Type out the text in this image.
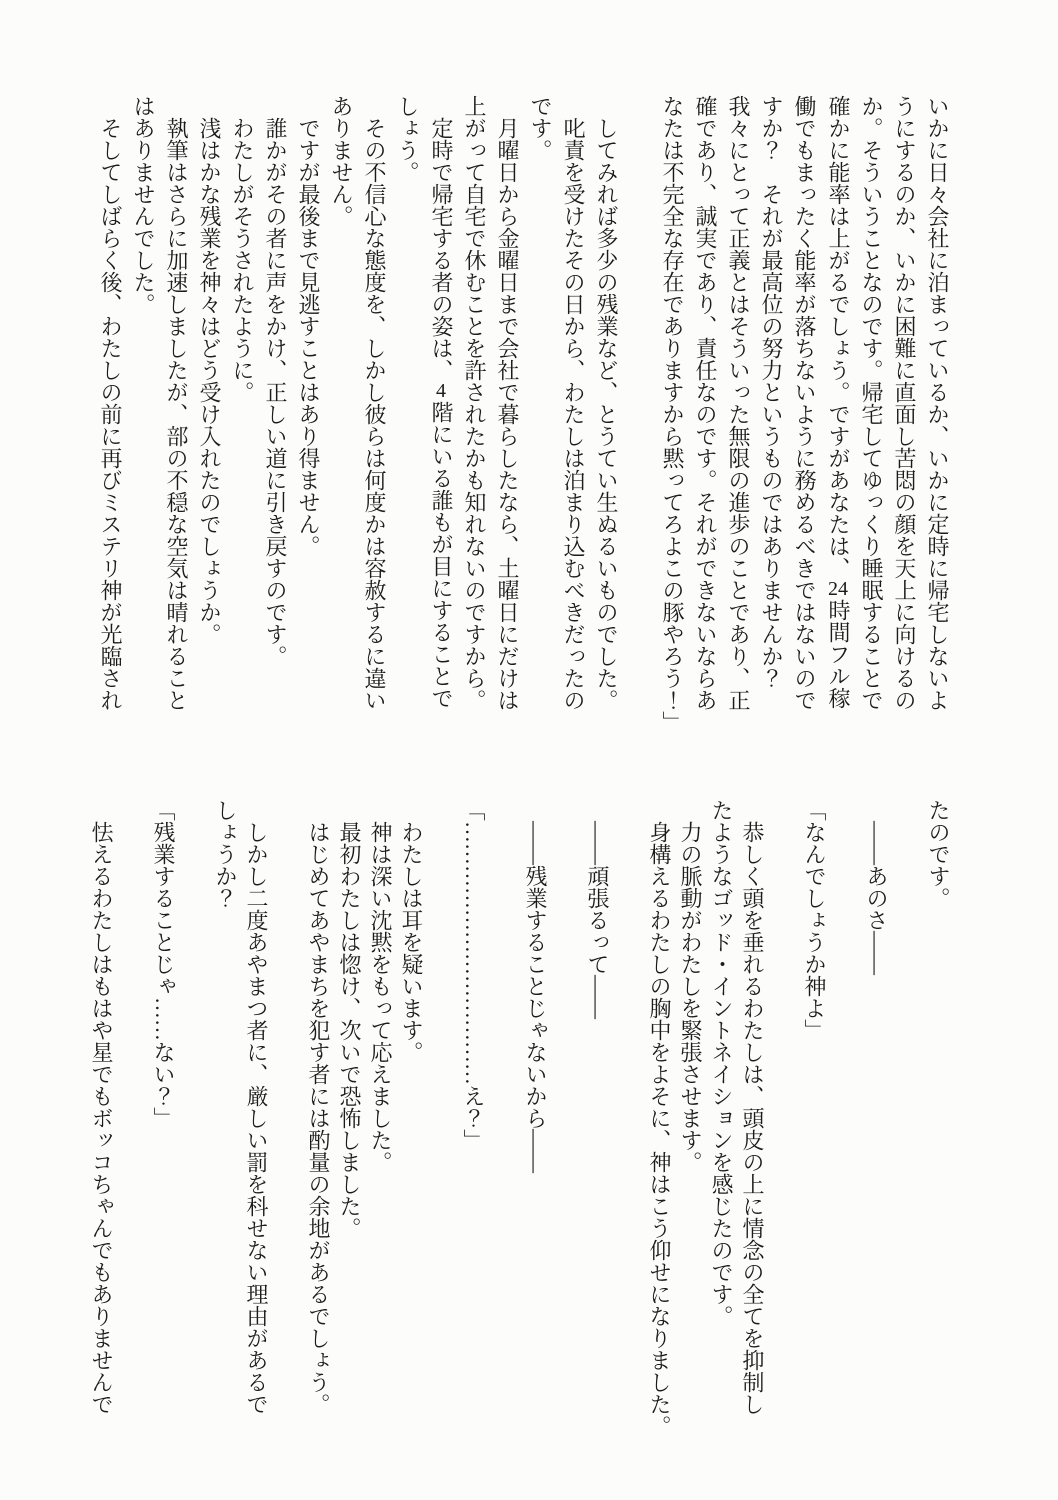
いかに日々会社に泊まっているか、いかに定時に帰宅しないよ
うにするのか、いかに困難に直面し苦悶の顔を天上に向けるの
か。そういうことなのです。帰宅してゆっくり睡眠することで
確かに能率は上がるでしょう。ですがあなたは、24時間フル稼
働でもまったく能率が落ちないように務めるべきではないので
すか？　それが最高位の努力というものではありませんか？
我々にとって正義とはそういった無限の進歩のことであり、正
確であり、誠実であり、責任なのです。それができないならあ
なたは不完全な存在でありますから黙ってろよこの豚やろう！」

　してみれば多少の残業など、とうてい生ぬるいものでした。
　叱責を受けたその日から、わたしは泊まり込むべきだったの
です。
　月曜日から金曜日まで会社で暮らしたなら、土曜日にだけは
上がって自宅で休むことを許されたかも知れないのですから。
　定時で帰宅する者の姿は、4階にいる誰もが目にすることで
しょう。
　その不信心な態度を、しかし彼らは何度かは容赦するに違い
ありません。
　ですが最後まで見逃すことはあり得ません。
　誰かがその者に声をかけ、正しい道に引き戻すのです。
　わたしがそうされたように。
　浅はかな残業を神々はどう受け入れたのでしょうか。
　執筆はさらに加速しましたが、部の不穏な空気は晴れること
はありませんでした。
　そしてしばらく後、わたしの前に再びミステリ神が光臨され
たのです。

　――あのさ――

「なんでしょうか神よ」

　恭しく頭を垂れるわたしは、頭皮の上に情念の全てを抑制し
たようなゴッド・イントネイションを感じたのです。
　力の脈動がわたしを緊張させます。
　身構えるわたしの胸中をよそに、神はこう仰せになりました。

　――頑張るって――

　――残業することじゃないから――

「………………………………え？」

　わたしは耳を疑います。
　神は深い沈黙をもって応えました。
　最初わたしは惚け、次いで恐怖しました。
　はじめてあやまちを犯す者には酌量の余地があるでしょう。

　しかし二度あやまつ者に、厳しい罰を科せない理由があるで
しょうか？

「残業することじゃ……ない？」

　怯えるわたしはもはや星でもボッコちゃんでもありませんで
